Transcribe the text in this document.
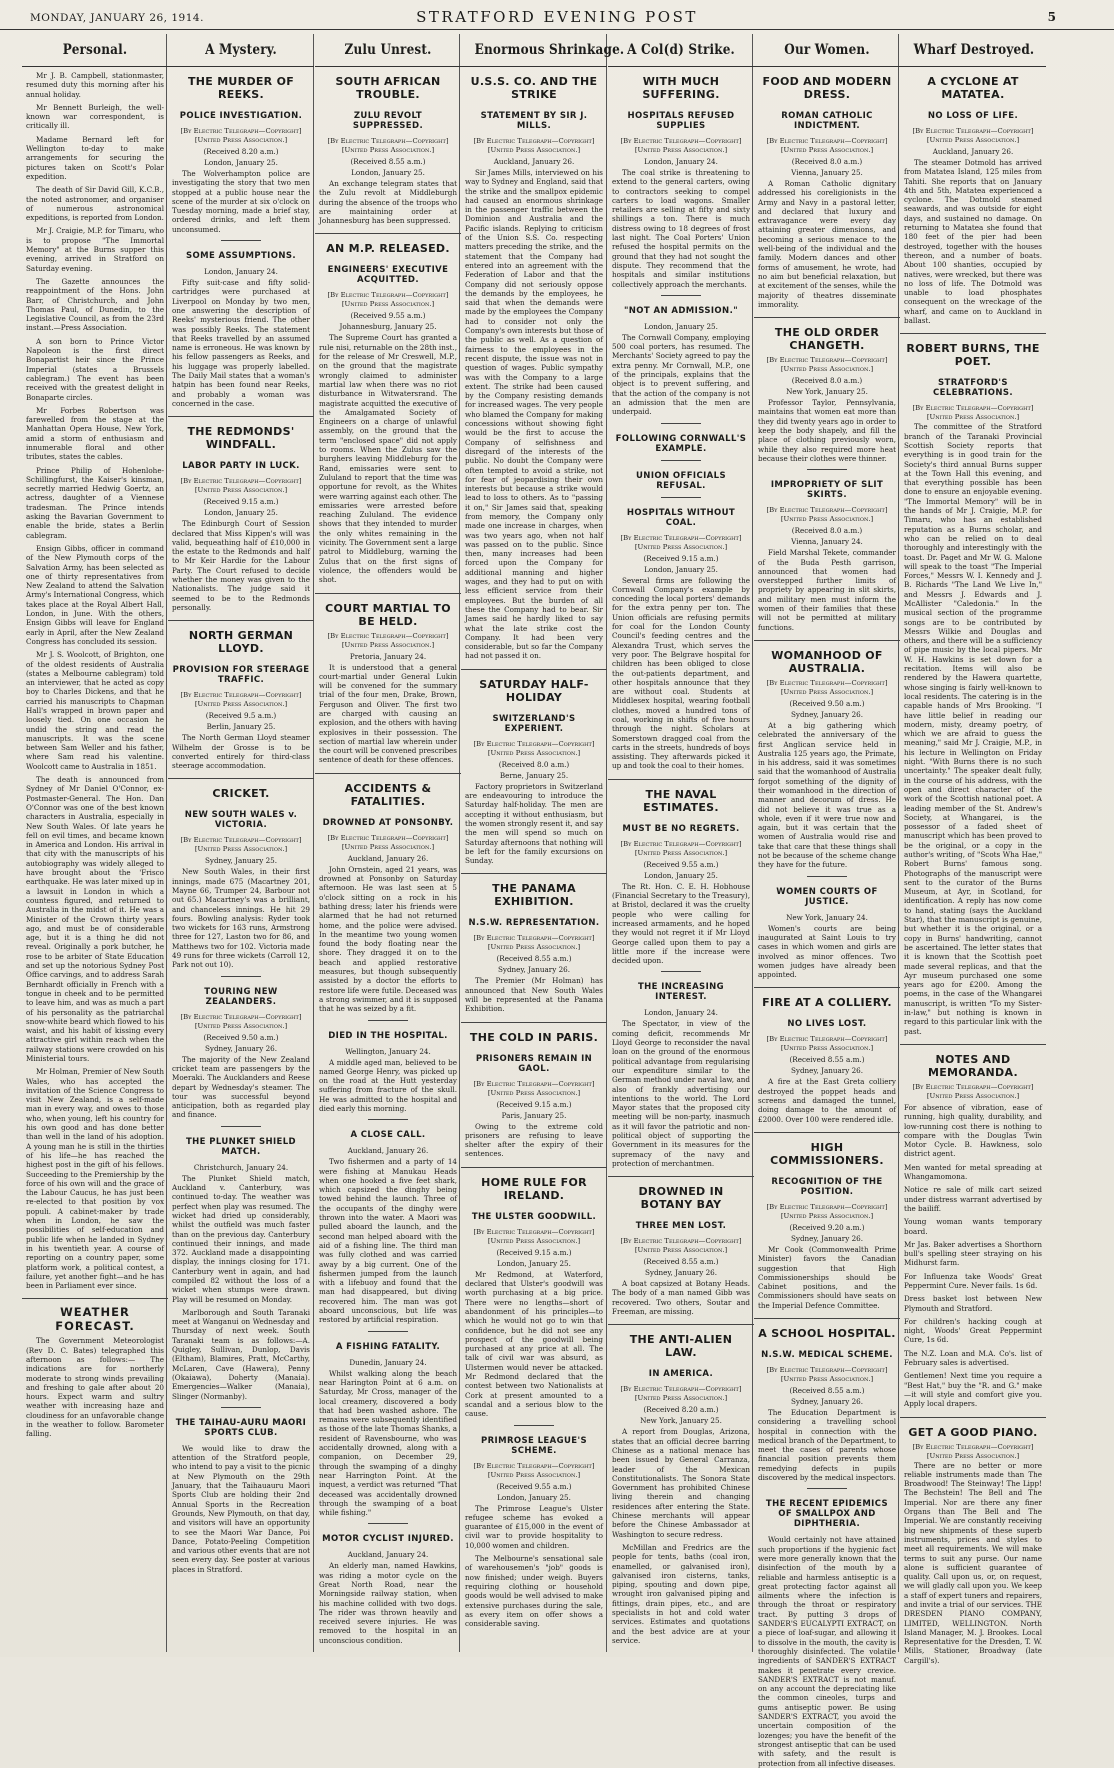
MONDAY, JANUARY 26, 1914.	STRATFORD EVENING POST	5
Personal.

Mr J. B. Campbell, stationmaster, resumed duty this morning after his annual holiday.

Mr Bennett Burleigh, the well-known war correspondent, is critically ill.

Madame Bernard left for Wellington to-day to make arrangements for securing the pictures taken on Scott's Polar expedition.

The death of Sir David Gill, K.C.B., the noted astronomer, and organiser of numerous astronomical expeditions, is reported from London.

Mr J. Craigie, M.P. for Timaru, who is to propose "The Immortal Memory" at the Burns supper this evening, arrived in Stratford on Saturday evening.

The Gazette announces the reappointment of the Hons. John Barr, of Christchurch, and John Thomas Paul, of Dunedin, to the Legislative Council, as from the 23rd instant.—Press Association.

A son born to Prince Victor Napoleon is the first direct Bonapartist heir since the Prince Imperial (states a Brussels cablegram.) The event has been received with the greatest delight in Bonaparte circles.

Mr Forbes Robertson was farewelled from the stage at the Manhattan Opera House, New York, amid a storm of enthusiasm and innumerable floral and other tributes, states the cables.

Prince Philip of Hohenlohe-Schillingfurst, the Kaiser's kinsman, secretly married Hedwig Goertz, an actress, daughter of a Viennese tradesman. The Prince intends asking the Bavarian Government to enable the bride, states a Berlin cablegram.

Ensign Gibbs, officer in command of the New Plymouth corps of the Salvation Army, has been selected as one of thirty representatives from New Zealand to attend the Salvation Army's International Congress, which takes place at the Royal Albert Hall, London, in June. With the others, Ensign Gibbs will leave for England early in April, after the New Zealand Congress has concluded its session.

Mr J. S. Woolcott, of Brighton, one of the oldest residents of Australia (states a Melbourne cablegram) told an interviewer, that he acted as copy boy to Charles Dickens, and that he carried his manuscripts to Chapman Hall's wrapped in brown paper and loosely tied. On one occasion he undid the string and read the manuscripts. It was the scene between Sam Weller and his father, where Sam read his valentine. Woolcott came to Australia in 1851.

The death is announced from Sydney of Mr Daniel O'Connor, ex-Postmaster-General. The Hon. Dan O'Connor was one of the best known characters in Australia, especially in New South Wales. Of late years he fell on evil times, and became known in America and London. His arrival in that city with the manuscripts of his autobiography was widely alleged to have brought about the 'Frisco earthquake. He was later mixed up in a lawsuit in London in which a countess figured, and returned to Australia in the midst of it. He was a Minister of the Crown thirty years ago, and must be of considerable age, but it is a thing he did not reveal. Originally a pork butcher, he rose to be arbiter of State Education and set up the notorious Sydney Post Office carvings, and to address Sarah Bernhardt officially in French with a tongue in cheek and to be permitted to leave him, and was as much a part of his personality as the patriarchal snow-white beard which flowed to his waist, and his habit of kissing every attractive girl within reach when the railway stations were crowded on his Ministerial tours.

Mr Holman, Premier of New South Wales, who has accepted the invitation of the Science Congress to visit New Zealand, is a self-made man in every way, and owes to those who, when young, left his country for his own good and has done better than well in the land of his adoption. A young man he is still in the thirties of his life—he has reached the highest post in the gift of his fellows. Succeeding to the Premiership by the force of his own will and the grace of the Labour Caucus, he has just been re-elected to that position by vox populi. A cabinet-maker by trade when in London, he saw the possibilities of self-education and public life when he landed in Sydney in his twentieth year. A course of reporting on a country paper, some platform work, a political contest, a failure, yet another fight—and he has been in Parliament ever since.

WEATHER FORECAST.

The Government Meteorologist (Rev D. C. Bates) telegraphed this afternoon as follows:— The indications are for northerly moderate to strong winds prevailing and freshing to gale after about 20 hours. Expect warm and sultry weather with increasing haze and cloudiness for an unfavorable change in the weather to follow. Barometer falling.

A Mystery.
THE MURDER OF REEKS.
POLICE INVESTIGATION.
[By Electric Telegraph—Copyright]
[United Press Association.]
(Received 8.20 a.m.)
London, January 25.

The Wolverhampton police are investigating the story that two men stopped at a public house near the scene of the murder at six o'clock on Tuesday morning, made a brief stay, ordered drinks, and left them unconsumed.

SOME ASSUMPTIONS.
London, January 24.

Fifty suit-case and fifty solid-cartridges were purchased at Liverpool on Monday by two men, one answering the description of Reeks' mysterious friend. The other was possibly Reeks. The statement that Reeks travelled by an assumed name is erroneous. He was known by his fellow passengers as Reeks, and his luggage was properly labelled. The Daily Mail states that a woman's hatpin has been found near Reeks, and probably a woman was concerned in the case.

THE REDMONDS' WINDFALL.
LABOR PARTY IN LUCK.
[By Electric Telegraph—Copyright]
[United Press Association.]
(Received 9.15 a.m.)
London, January 25.

The Edinburgh Court of Session declared that Miss Kippen's will was valid, bequeathing half of £10,000 in the estate to the Redmonds and half to Mr Keir Hardie for the Labour Party. The Court refused to decide whether the money was given to the Nationalists. The judge said it seemed to be to the Redmonds personally.

NORTH GERMAN LLOYD.
PROVISION FOR STEERAGE TRAFFIC.
[By Electric Telegraph—Copyright]
[United Press Association.]
(Received 9.5 a.m.)
Berlin, January 25.

The North German Lloyd steamer Wilhelm der Grosse is to be converted entirely for third-class steerage accommodation.

CRICKET.
NEW SOUTH WALES v. VICTORIA.
[By Electric Telegraph—Copyright]
[United Press Association.]
Sydney, January 25.

New South Wales, in their first innings, made 675 (Macartney 201, Mayne 66, Trumper 24, Barbour not out 65.) Macartney's was a brilliant, and chanceless innings. He hit 29 fours. Bowling analysis: Ryder took two wickets for 163 runs, Armstrong three for 127, Laston two for 86, and Matthews two for 102. Victoria made 49 runs for three wickets (Carroll 12, Park not out 10).

TOURING NEW ZEALANDERS.
[By Electric Telegraph—Copyright]
[United Press Association.]
(Received 9.50 a.m.)
Sydney, January 26.

The majority of the New Zealand cricket team are passengers by the Moeraki. The Aucklanders and Reese depart by Wednesday's steamer. The tour was successful beyond anticipation, both as regarded play and finance.

THE PLUNKET SHIELD MATCH.
Christchurch, January 24.

The Plunket Shield match, Auckland v. Canterbury, was continued to-day. The weather was perfect when play was resumed. The wicket had dried up considerably, whilst the outfield was much faster than on the previous day. Canterbury continued their innings, and made 372. Auckland made a disappointing display, the innings closing for 171. Canterbury went in again, and had compiled 82 without the loss of a wicket when stumps were drawn. Play will be resumed on Monday.

Marlborough and South Taranaki meet at Wanganui on Wednesday and Thursday of next week. South Taranaki team is as follows:—A. Quigley, Sullivan, Dunlop, Davis (Eltham), Blamires, Pratt, McCarthy, McLaren, Cave (Hawera), Penny (Okaiawa), Doherty (Manaia). Emergencies—Walker (Manaia), Slinger (Normanby).

THE TAIHAU-AURU MAORI SPORTS CLUB.

We would like to draw the attention of the Stratford people, who intend to pay a visit to the picnic at New Plymouth on the 29th January, that the Taihauauru Maori Sports Club are holding their 2nd Annual Sports in the Recreation Grounds, New Plymouth, on that day, and visitors will have an opportunity to see the Maori War Dance, Poi Dance, Potato-Peeling Competition and various other events that are not seen every day. See poster at various places in Stratford.

Zulu Unrest.
SOUTH AFRICAN TROUBLE.
ZULU REVOLT SUPPRESSED.
[By Electric Telegraph—Copyright]
[United Press Association.]
(Received 8.55 a.m.)
London, January 25.

An exchange telegram states that the Zulu revolt at Middleburgh during the absence of the troops who are maintaining order at Johannesburg has been suppressed.

AN M.P. RELEASED.
ENGINEERS' EXECUTIVE ACQUITTED.
[By Electric Telegraph—Copyright]
[United Press Association.]
(Received 9.55 a.m.)
Johannesburg, January 25.

The Supreme Court has granted a rule nisi, returnable on the 28th inst., for the release of Mr Creswell, M.P., on the ground that the magistrate wrongly claimed to administer martial law when there was no riot disturbance in Witwatersrand. The magistrate acquitted the executive of the Amalgamated Society of Engineers on a charge of unlawful assembly, on the ground that the term "enclosed space" did not apply to rooms. When the Zulus saw the burghers leaving Middleburg for the Rand, emissaries were sent to Zululand to report that the time was opportune for revolt, as the Whites were warring against each other. The emissaries were arrested before reaching Zululand. The evidence shows that they intended to murder the only whites remaining in the vicinity. The Government sent a large patrol to Middleburg, warning the Zulus that on the first signs of violence, the offenders would be shot.

COURT MARTIAL TO BE HELD.
[By Electric Telegraph—Copyright]
[United Press Association.]
Pretoria, January 24.

It is understood that a general court-martial under General Lukin will be convened for the summary trial of the four men, Drake, Brown, Ferguson and Oliver. The first two are charged with causing an explosion, and the others with having explosives in their possession. The section of martial law wherein under the court will be convened prescribes sentence of death for these offences.

ACCIDENTS & FATALITIES.
DROWNED AT PONSONBY.
[By Electric Telegraph—Copyright]
[United Press Association.]
Auckland, January 26.

John Ornstein, aged 21 years, was drowned at Ponsonby on Saturday afternoon. He was last seen at 5 o'clock sitting on a rock in his bathing dress; later his friends were alarmed that he had not returned home, and the police were advised. In the meantime two young women found the body floating near the shore. They dragged it on to the beach and applied restorative measures, but though subsequently assisted by a doctor the efforts to restore life were futile. Deceased was a strong swimmer, and it is supposed that he was seized by a fit.

DIED IN THE HOSPITAL.
Wellington, January 24.

A middle aged man, believed to be named George Henry, was picked up on the road at the Hutt yesterday suffering from fracture of the skull. He was admitted to the hospital and died early this morning.

A CLOSE CALL.
Auckland, January 26.

Two fishermen and a party of 14 were fishing at Manukau Heads when one hooked a five feet shark, which capsized the dinghy being towed behind the launch. Three of the occupants of the dinghy were thrown into the water. A Maori was pulled aboard the launch, and the second man helped aboard with the aid of a fishing line. The third man was fully clothed and was carried away by a big current. One of the fishermen jumped from the launch with a lifebuoy and found that the man had disappeared, but diving recovered him. The man was got aboard unconscious, but life was restored by artificial respiration.

A FISHING FATALITY.
Dunedin, January 24.

Whilst walking along the beach near Harington Point at 6 a.m. on Saturday, Mr Cross, manager of the local creamery, discovered a body that had been washed ashore. The remains were subsequently identified as those of the late Thomas Shanks, a resident of Ravensbourne, who was accidentally drowned, along with a companion, on December 29, through the swamping of a dinghy near Harrington Point. At the inquest, a verdict was returned "That deceased was accidentally drowned through the swamping of a boat while fishing."

MOTOR CYCLIST INJURED.
Auckland, January 24.

An elderly man, named Hawkins, was riding a motor cycle on the Great North Road, near the Morningside railway station, when his machine collided with two dogs. The rider was thrown heavily and received severe injuries. He was removed to the hospital in an unconscious condition.

Enormous Shrinkage.
U.S.S. CO. AND THE STRIKE
STATEMENT BY SIR J. MILLS.
[By Electric Telegraph—Copyright]
[United Press Association.]
Auckland, January 26.

Sir James Mills, interviewed on his way to Sydney and England, said that the strike and the smallpox epidemic had caused an enormous shrinkage in the passenger traffic between the Dominion and Australia and the Pacific islands. Replying to criticism of the Union S.S. Co. respecting matters preceding the strike, and the statement that the Company had entered into an agreement with the Federation of Labor and that the Company did not seriously oppose the demands by the employees, he said that when the demands were made by the employees the Company had to consider not only the Company's own interests but those of the public as well. As a question of fairness to the employees in the recent dispute, the issue was not in question of wages. Public sympathy was with the Company to a large extent. The strike had been caused by the Company resisting demands for increased wages. The very people who blamed the Company for making concessions without showing fight would be the first to accuse the Company of selfishness and disregard of the interests of the public. No doubt the Company were often tempted to avoid a strike, not for fear of jeopardising their own interests but because a strike would lead to loss to others. As to "passing it on," Sir James said that, speaking from memory, the Company only made one increase in charges, when was two years ago, when not half was passed on to the public. Since then, many increases had been forced upon the Company for additional manning and higher wages, and they had to put on with less efficient service from their employees. But the burden of all these the Company had to bear. Sir James said he hardly liked to say what the late strike cost the Company. It had been very considerable, but so far the Company had not passed it on.

SATURDAY HALF-HOLIDAY
SWITZERLAND'S EXPERIENT.
[By Electric Telegraph—Copyright]
[United Press Association.]
(Received 8.0 a.m.)
Berne, January 25.

Factory proprietors in Switzerland are endeavouring to introduce the Saturday half-holiday. The men are accepting it without enthusiasm, but the women strongly resent it, and say the men will spend so much on Saturday afternoons that nothing will be left for the family excursions on Sunday.

THE PANAMA EXHIBITION.
N.S.W. REPRESENTATION.
[By Electric Telegraph—Copyright]
[United Press Association.]
(Received 8.55 a.m.)
Sydney, January 26.

The Premier (Mr Holman) has announced that New South Wales will be represented at the Panama Exhibition.

THE COLD IN PARIS.
PRISONERS REMAIN IN GAOL.
[By Electric Telegraph—Copyright]
[United Press Association.]
(Received 9.15 a.m.)
Paris, January 25.

Owing to the extreme cold prisoners are refusing to leave shelter after the expiry of their sentences.

HOME RULE FOR IRELAND.
THE ULSTER GOODWILL.
[By Electric Telegraph—Copyright]
[United Press Association.]
(Received 9.15 a.m.)
London, January 25.

Mr Redmond, at Waterford, declared that Ulster's goodwill was worth purchasing at a big price. There were no lengths—short of abandonment of his principles—to which he would not go to win that confidence, but he did not see any prospect of the goodwill being purchased at any price at all. The talk of civil war was absurd, as Ulstermen would never be attacked. Mr Redmond declared that the contest between two Nationalists at Cork at present amounted to a scandal and a serious blow to the cause.

PRIMROSE LEAGUE'S SCHEME.
[By Electric Telegraph—Copyright]
[United Press Association.]
(Received 9.55 a.m.)
London, January 25.

The Primrose League's Ulster refugee scheme has evoked a guarantee of £15,000 in the event of civil war to provide hospitality to 10,000 women and children.

The Melbourne's sensational sale of warehousemen's "job" goods is now finished; under weigh. Buyers requiring clothing or household goods would be well advised to make extensive purchases during the sale, as every item on offer shows a considerable saving.

A Col(d) Strike.
WITH MUCH SUFFERING.
HOSPITALS REFUSED SUPPLIES
[By Electric Telegraph—Copyright]
[United Press Association.]
London, January 24.

The coal strike is threatening to extend to the general carters, owing to contractors seeking to compel carters to load wagons. Smaller retailers are selling at fifty and sixty shillings a ton. There is much distress owing to 18 degrees of frost last night. The Coal Porters' Union refused the hospital permits on the ground that they had not sought the dispute. They recommend that the hospitals and similar institutions collectively approach the merchants.

"NOT AN ADMISSION."
London, January 25.

The Cornwall Company, employing 500 coal porters, has resumed. The Merchants' Society agreed to pay the extra penny. Mr Cornwall, M.P., one of the principals, explains that the object is to prevent suffering, and that the action of the company is not an admission that the men are underpaid.

FOLLOWING CORNWALL'S EXAMPLE.
UNION OFFICIALS REFUSAL.
HOSPITALS WITHOUT COAL.
[By Electric Telegraph—Copyright]
[United Press Association.]
(Received 9.15 a.m.)
London, January 25.

Several firms are following the Cornwall Company's example by conceding the local porters' demands for the extra penny per ton. The Union officials are refusing permits for coal for the London County Council's feeding centres and the Alexandra Trust, which serves the very poor. The Belgrave hospital for children has been obliged to close the out-patients department, and other hospitals announce that they are without coal. Students at Middlesex hospital, wearing football clothes, moved a hundred tons of coal, working in shifts of five hours through the night. Scholars at Somerstown dragged coal from the carts in the streets, hundreds of boys assisting. They afterwards picked it up and took the coal to their homes.

THE NAVAL ESTIMATES.
MUST BE NO REGRETS.
[By Electric Telegraph—Copyright]
[United Press Association.]
(Received 9.55 a.m.)
London, January 25.

The Rt. Hon. C. E. H. Hobhouse (Financial Secretary to the Treasury), at Bristol, declared it was the cruelty people who were calling for increased armaments, and he hoped they would not regret it if Mr Lloyd George called upon them to pay a little more if the increase were decided upon.

THE INCREASING INTEREST.
London, January 24.

The Spectator, in view of the coming deficit, recommends Mr Lloyd George to reconsider the naval loan on the ground of the enormous political advantage from regularising our expenditure similar to the German method under naval law, and also of frankly advertising our intentions to the world. The Lord Mayor states that the proposed city meeting will be non-party, inasmuch as it will favor the patriotic and non-political object of supporting the Government in its measures for the supremacy of the navy and protection of merchantmen.

DROWNED IN BOTANY BAY
THREE MEN LOST.
[By Electric Telegraph—Copyright]
[United Press Association.]
(Received 8.55 a.m.)
Sydney, January 26.

A boat capsized at Botany Heads. The body of a man named Gibb was recovered. Two others, Soutar and Freeman, are missing.

THE ANTI-ALIEN LAW.
IN AMERICA.
[By Electric Telegraph—Copyright]
[United Press Association.]
(Received 8.20 a.m.)
New York, January 25.

A report from Douglas, Arizona, states that an official decree barring Chinese as a national menace has been issued by General Carranza, leader of the Mexican Constitutionalists. The Sonora State Government has prohibited Chinese living therein and changing residences after entering the State. Chinese merchants will appear before the Chinese Ambassador at Washington to secure redress.

McMillan and Fredrics are the people for tents, baths (coal iron, enamelled, or galvanised iron), galvanised iron cisterns, tanks, piping, spouting and down pipe, wrought iron galvanised piping and fittings, drain pipes, etc., and are specialists in hot and cold water services. Estimates and quotations and the best advice are at your service.

Our Women.
FOOD AND MODERN DRESS.
ROMAN CATHOLIC INDICTMENT.
[By Electric Telegraph—Copyright]
[United Press Association.]
(Received 8.0 a.m.)
Vienna, January 25.

A Roman Catholic dignitary addressed his coreligionists in the Army and Navy in a pastoral letter, and declared that luxury and extravagance were every day attaining greater dimensions, and becoming a serious menace to the well-being of the individual and the family. Modern dances and other forms of amusement, he wrote, had no aim but beneficial relaxation, but at excitement of the senses, while the majority of theatres disseminate immorality.

THE OLD ORDER CHANGETH.
[By Electric Telegraph—Copyright]
[United Press Association.]
(Received 8.0 a.m.)
New York, January 25.

Professor Taylor, Pennsylvania, maintains that women eat more than they did twenty years ago in order to keep the body shapely, and fill the place of clothing previously worn, while they also required more heat because their clothes were thinner.

IMPROPRIETY OF SLIT SKIRTS.
[By Electric Telegraph—Copyright]
[United Press Association.]
(Received 8.0 a.m.)
Vienna, January 24.

Field Marshal Tekete, commander of the Buda Pesth garrison, announced that women had overstepped further limits of propriety by appearing in slit skirts, and military men must inform the women of their families that these will not be permitted at military functions.

WOMANHOOD OF AUSTRALIA.
[By Electric Telegraph—Copyright]
[United Press Association.]
(Received 9.50 a.m.)
Sydney, January 26.

At a big gathering which celebrated the anniversary of the first Anglican service held in Australia 125 years ago, the Primate, in his address, said it was sometimes said that the womanhood of Australia forgot something of the dignity of their womanhood in the direction of manner and decorum of dress. He did not believe it was true as a whole, even if it were true now and again, but it was certain that the women of Australia would rise and take that care that these things shall not be because of the scheme change they have for the future.

WOMEN COURTS OF JUSTICE.
New York, January 24.

Women's courts are being inaugurated at Saint Louis to try cases in which women and girls are involved as minor offences. Two women judges have already been appointed.

FIRE AT A COLLIERY.
NO LIVES LOST.
[By Electric Telegraph—Copyright]
[United Press Association.]
(Received 8.55 a.m.)
Sydney, January 26.

A fire at the East Greta colliery destroyed the poppet heads and screens and damaged the tunnel, doing damage to the amount of £2000. Over 100 were rendered idle.

HIGH COMMISSIONERS.
RECOGNITION OF THE POSITION.
[By Electric Telegraph—Copyright]
[United Press Association.]
(Received 9.20 a.m.)
Sydney, January 26.

Mr Cook (Commonwealth Prime Minister) favors the Canadian suggestion that High Commissionerships should be Cabinet positions, and the Commissioners should have seats on the Imperial Defence Committee.

A SCHOOL HOSPITAL.
N.S.W. MEDICAL SCHEME.
[By Electric Telegraph—Copyright]
[United Press Association.]
(Received 8.55 a.m.)
Sydney, January 26.

The Education Department is considering a travelling school hospital in connection with the medical branch of the Department, to meet the cases of parents whose financial position prevents them remedying defects in pupils discovered by the medical inspectors.

THE RECENT EPIDEMICS OF SMALLPOX AND DIPHTHERIA.

Would certainly not have attained such proportions if the hygienic fact were more generally known that the disinfection of the mouth by a reliable and harmless antiseptic is a great protecting factor against all ailments where the infection is through the throat or respiratory tract. By putting 3 drops of SANDER'S EUCALYPTI EXTRACT, on a piece of loaf-sugar, and allowing it to dissolve in the mouth, the cavity is thoroughly disinfected. The volatile ingredients of SANDER'S EXTRACT makes it penetrate every crevice. SANDER'S EXTRACT is not manuf. on any account the depreciating like the common cineoles, turps and gums antiseptic power. Be using SANDER'S EXTRACT, you avoid the uncertain composition of the lozenges; you have the benefit of the strongest antiseptic that can be used with safety, and the result is protection from all infective diseases.

Wharf Destroyed.
A CYCLONE AT MATATEA.
NO LOSS OF LIFE.
[By Electric Telegraph—Copyright]
[United Press Association.]
Auckland, January 26.

The steamer Dotmold has arrived from Matatea Island, 125 miles from Tahiti. She reports that on January 4th and 5th, Matatea experienced a cyclone. The Dotmold steamed seawards, and was outside for eight days, and sustained no damage. On returning to Matatea she found that 180 feet of the pier had been destroyed, together with the houses thereon, and a number of boats. About 100 shanties, occupied by natives, were wrecked, but there was no loss of life. The Dotmold was unable to load phosphates consequent on the wreckage of the wharf, and came on to Auckland in ballast.

ROBERT BURNS, THE POET.
STRATFORD'S CELEBRATIONS.
[By Electric Telegraph—Copyright]
[United Press Association.]

The committee of the Stratford branch of the Taranaki Provincial Scottish Society reports that everything is in good train for the Society's third annual Burns supper at the Town Hall this evening, and that everything possible has been done to ensure an enjoyable evening. "The Immortal Memory" will be in the hands of Mr J. Craigie, M.P. for Timaru, who has an established reputation as a Burns scholar, and who can be relied on to deal thoroughly and interestingly with the toast. Dr. Paget and Mr W. G. Malone will speak to the toast "The Imperial Forces," Messrs W. I. Kennedy and J. B. Richards "The Land We Live In," and Messrs J. Edwards and J. McAllister "Caledonia." In the musical section of the programme songs are to be contributed by Messrs Wilkie and Douglas and others, and there will be a sufficiency of pipe music by the local pipers. Mr W. H. Hawkins is set down for a recitation. Items will also be rendered by the Hawera quartette, whose singing is fairly well-known to local residents. The catering is in the capable hands of Mrs Brooking. "I have little belief in reading our modern, misty, dreamy poetry, of which we are afraid to guess the meaning," said Mr J. Craigie, M.P., in his lecture in Wellington on Friday night. "With Burns there is no such uncertainty." The speaker dealt fully, in the course of his address, with the open and direct character of the work of the Scottish national poet. A leading member of the St. Andrew's Society, at Whangarei, is the possessor of a faded sheet of manuscript which has been proved to be the original, or a copy in the author's writing, of "Scots Wha Hae," Robert Burns' famous song. Photographs of the manuscript were sent to the curator of the Burns Museum, at Ayr, in Scotland, for identification. A reply has now come to hand, stating (says the Auckland Star), that the manuscript is genuine, but whether it is the original, or a copy in Burns' handwriting, cannot be ascertained. The letter states that it is known that the Scottish poet made several replicas, and that the Ayr museum purchased one some years ago for £200. Among the poems, in the case of the Whangarei manuscript, is written "To my Sister-in-law," but nothing is known in regard to this particular link with the past.

NOTES AND MEMORANDA.
[By Electric Telegraph—Copyright]
[United Press Association.]

For absence of vibration, ease of running, high quality, durability, and low-running cost there is nothing to compare with the Douglas Twin Motor Cycle. B. Hawkness, solo district agent.

Men wanted for metal spreading at Whangamomona.

Notice re sale of milk cart seized under distress warrant advertised by the bailiff.

Young woman wants temporary board.

Mr Jas. Baker advertises a Shorthorn bull's spelling steer straying on his Midhurst farm.

For Influenza take Woods' Great Peppermint Cure. Never fails. 1s 6d.

Dress basket lost between New Plymouth and Stratford.

For children's hacking cough at night, Woods' Great Peppermint Cure, 1s 6d.

The N.Z. Loan and M.A. Co's. list of February sales is advertised.

Gentlemen! Next time you require a "Best Hat," buy the "R. and G." make—it will style and comfort give you. Apply local drapers.

GET A GOOD PIANO.
[By Electric Telegraph—Copyright]
[United Press Association.]

There are no better or more reliable instruments made than The Broadwood! The Steinway! The Lipp! The Bechstein! The Bell and The Imperial. Nor are there any finer Organs than The Bell and The Imperial. We are constantly receiving big new shipments of these superb instruments, prices and styles to meet all requirements. We will make terms to suit any purse. Our name alone is sufficient guarantee of quality. Call upon us, or, on request, we will gladly call upon you. We keep a staff of expert tuners and repairers, and invite a trial of our services. THE DRESDEN PIANO COMPANY, LIMITED, WELLINGTON. North Island Manager, M. J. Brookes. Local Representative for the Dresden, T. W. Mills, Stationer, Broadway (late Cargill's).
